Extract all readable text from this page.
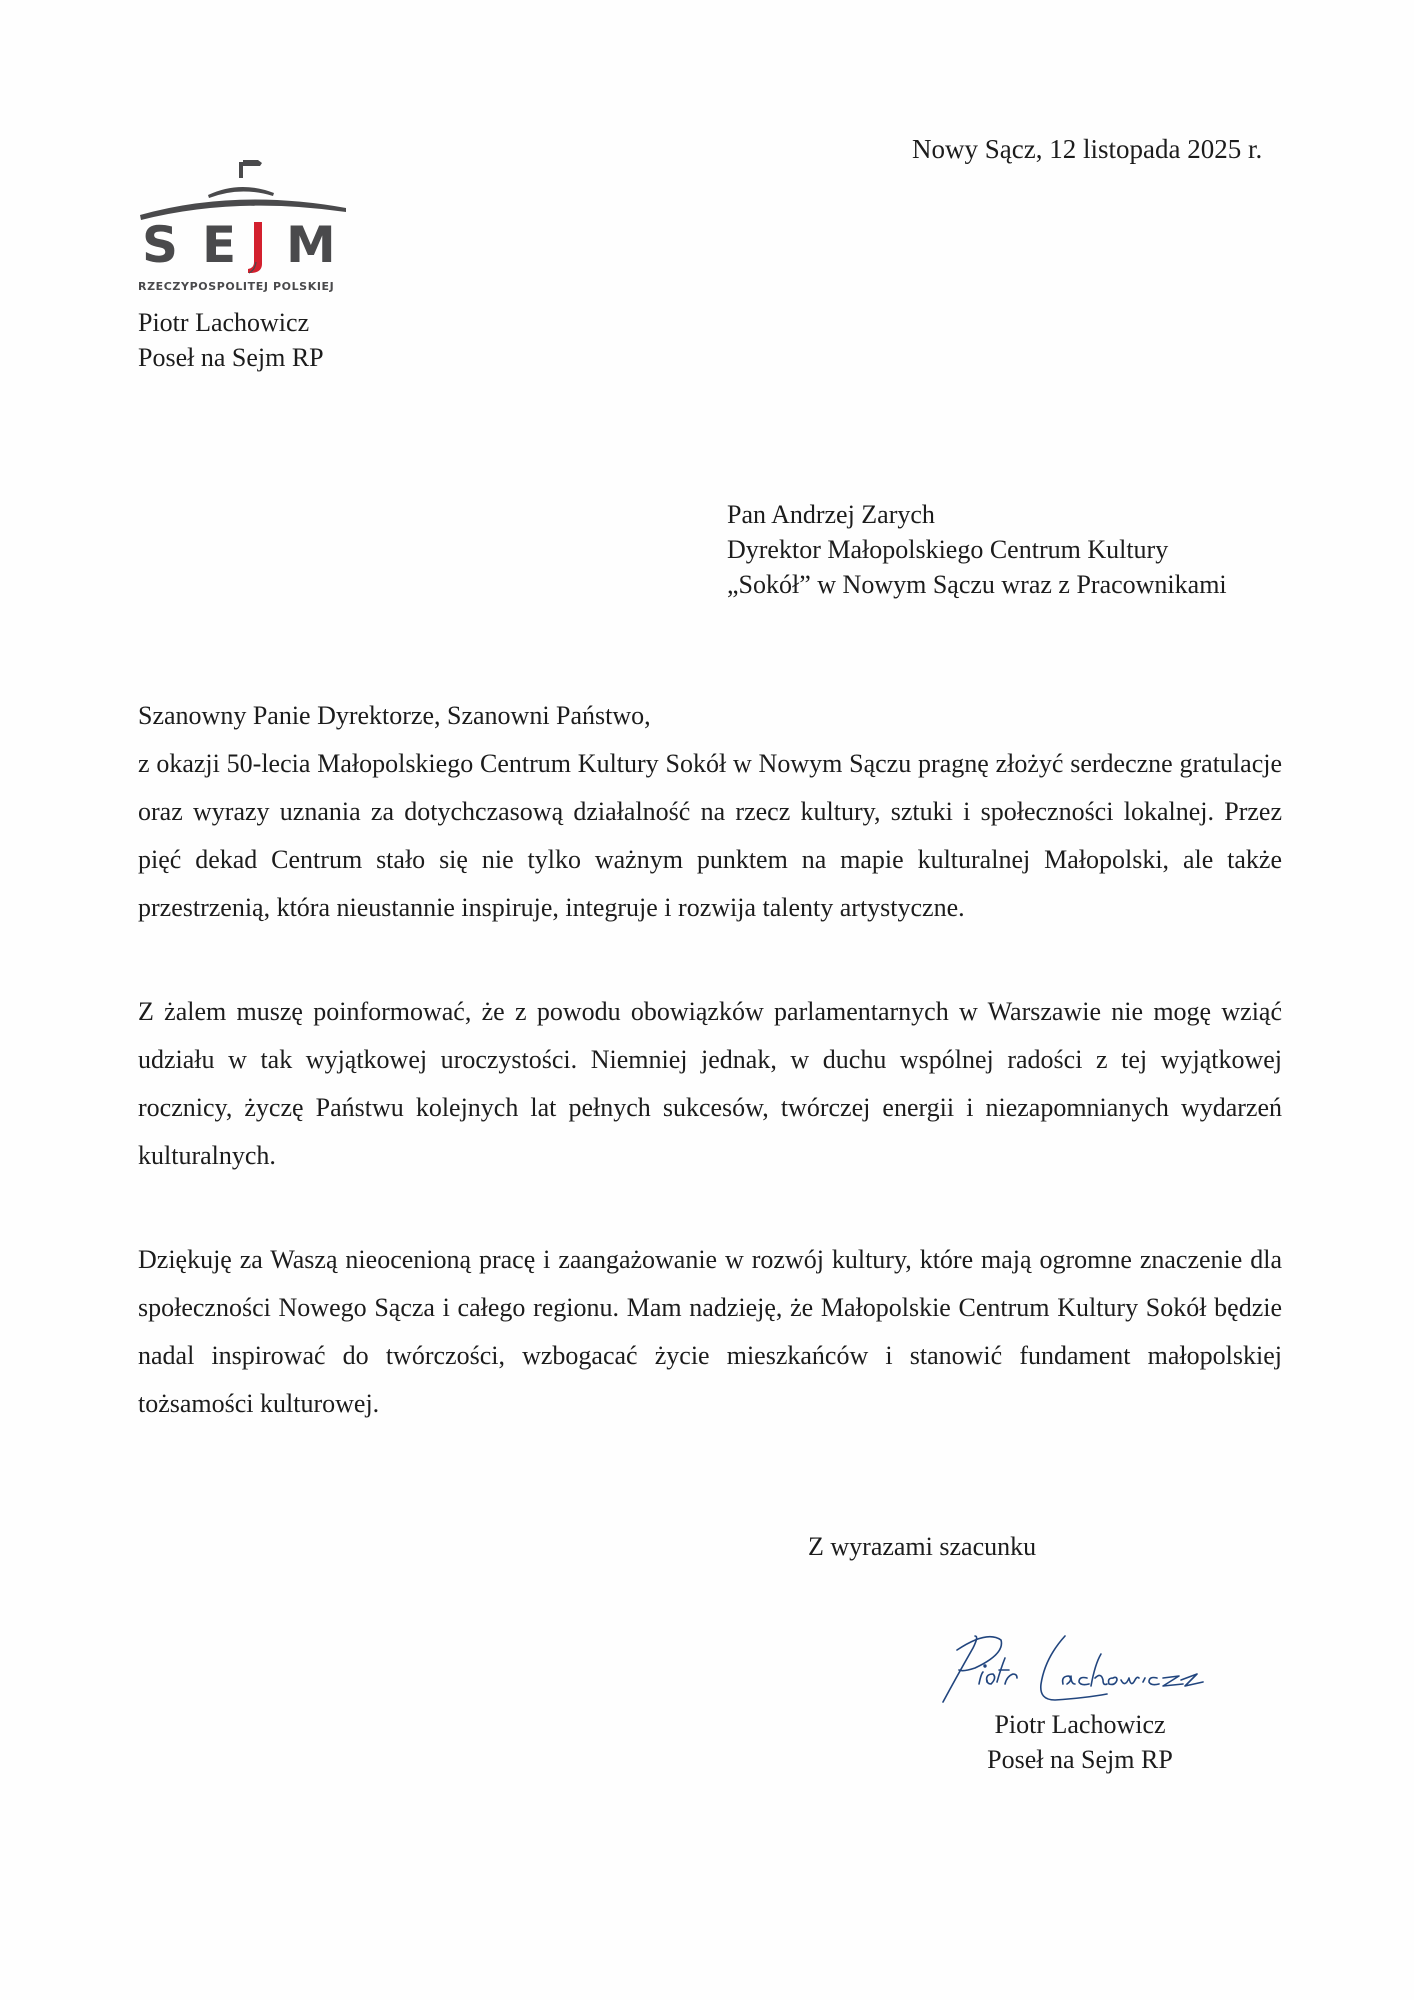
Nowy Sącz, 12 listopada 2025 r.
S E M
RZECZYPOSPOLITEJ POLSKIEJ
Piotr Lachowicz
Poseł na Sejm RP
Pan Andrzej Zarych
Dyrektor Małopolskiego Centrum Kultury
„Sokół” w Nowym Sączu wraz z Pracownikami

Szanowny Panie Dyrektorze, Szanowni Państwo,

z okazji 50-lecia Małopolskiego Centrum Kultury Sokół w Nowym Sączu pragnę złożyć serdeczne gratulacje oraz wyrazy uznania za dotychczasową działalność na rzecz kultury, sztuki i społeczności lokalnej. Przez pięć dekad Centrum stało się nie tylko ważnym punktem na mapie kulturalnej Małopolski, ale także przestrzenią, która nieustannie inspiruje, integruje i rozwija talenty artystyczne.

Z żalem muszę poinformować, że z powodu obowiązków parlamentarnych w Warszawie nie mogę wziąć udziału w tak wyjątkowej uroczystości. Niemniej jednak, w duchu wspólnej radości z tej wyjątkowej rocznicy, życzę Państwu kolejnych lat pełnych sukcesów, twórczej energii i niezapomnianych wydarzeń kulturalnych.

Dziękuję za Waszą nieocenioną pracę i zaangażowanie w rozwój kultury, które mają ogromne znaczenie dla społeczności Nowego Sącza i całego regionu. Mam nadzieję, że Małopolskie Centrum Kultury Sokół będzie nadal inspirować do twórczości, wzbogacać życie mieszkańców i stanowić fundament małopolskiej tożsamości kulturowej.

Z wyrazami szacunku
Piotr Lachowicz
Poseł na Sejm RP
